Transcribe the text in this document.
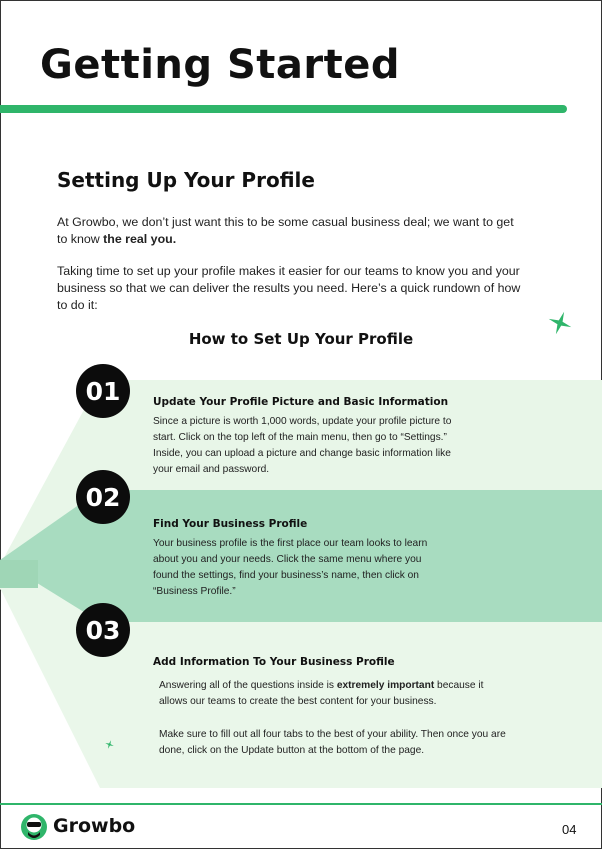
Getting Started
Setting Up Your Profile

At Growbo, we don’t just want this to be some casual business deal; we want to get to know the real you.

Taking time to set up your profile makes it easier for our teams to know you and your business so that we can deliver the results you need. Here’s a quick rundown of how to do it:

How to Set Up Your Profile
01	Update Your Profile Picture and Basic Information

Since a picture is worth 1,000 words, update your profile picture to start. Click on the top left of the main menu, then go to “Settings.” Inside, you can upload a picture and change basic information like your email and password.

02

Find Your Business Profile

Your business profile is the first place our team looks to learn about you and your needs. Click the same menu where you found the settings, find your business’s name, then click on “Business Profile.”

03

Add Information To Your Business Profile

Answering all of the questions inside is extremely important because it allows our teams to create the best content for your business.

Make sure to fill out all four tabs to the best of your ability. Then once you are done, click on the Update button at the bottom of the page.

Growbo	04
